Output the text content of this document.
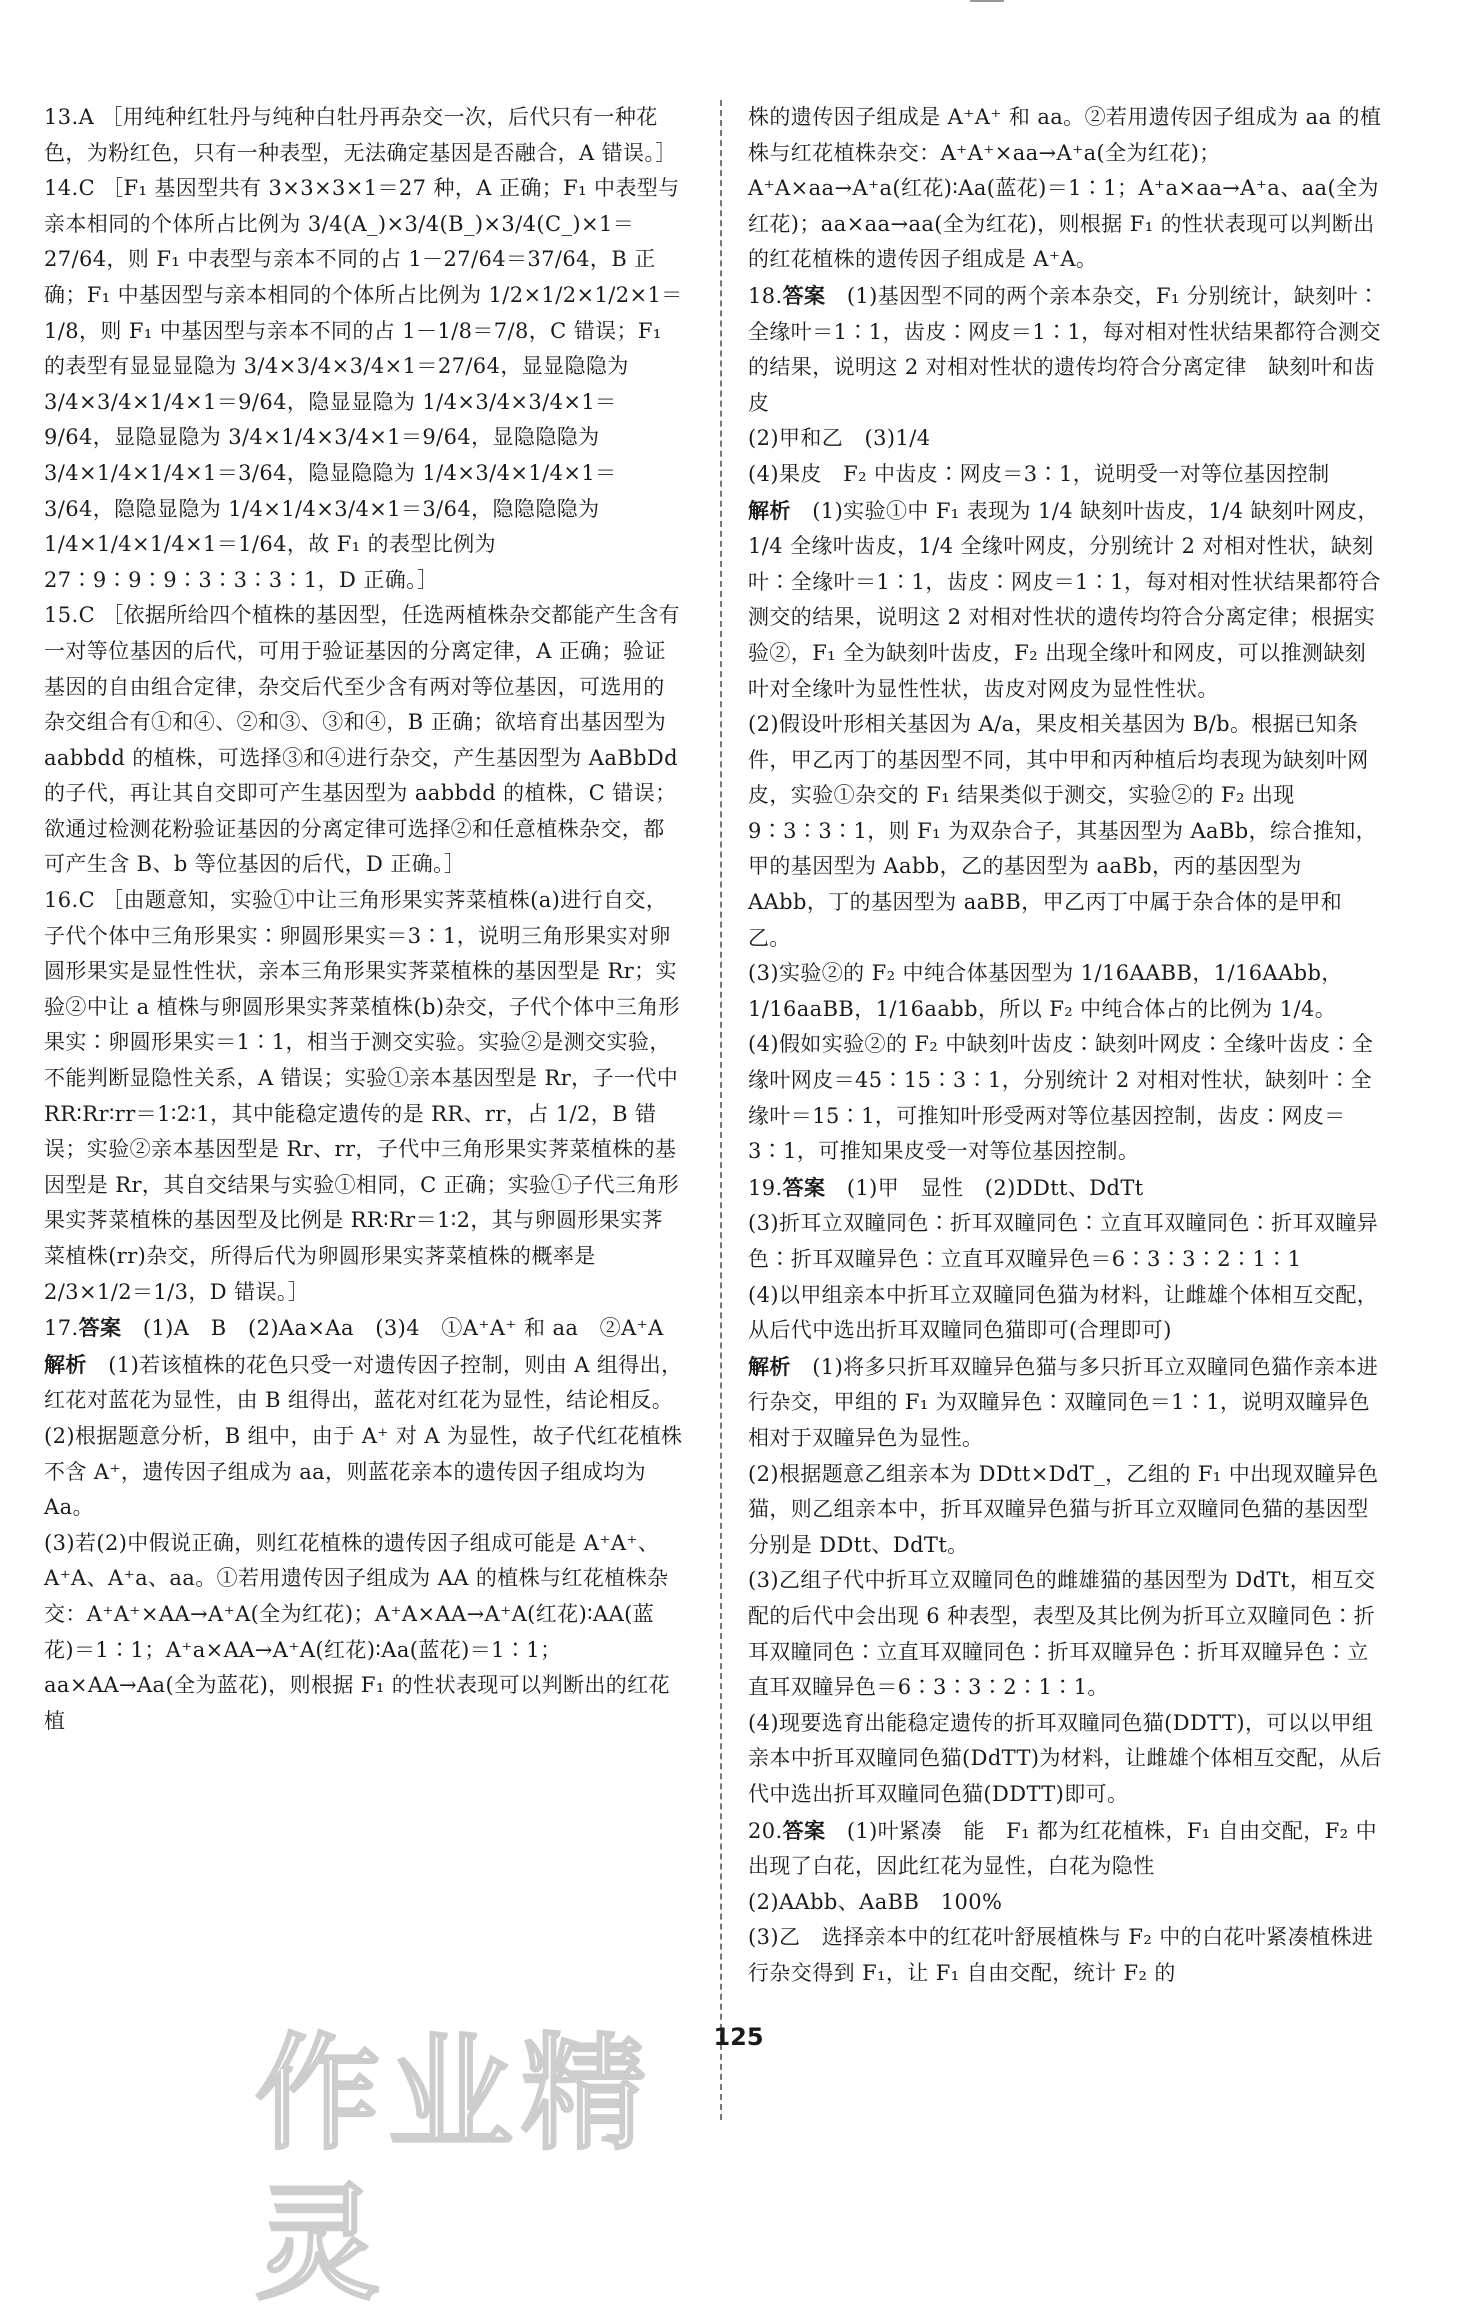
13.A ［用纯种红牡丹与纯种白牡丹再杂交一次，后代只有一种花色，为粉红色，只有一种表型，无法确定基因是否融合，A 错误。］

14.C ［F₁ 基因型共有 3×3×3×1＝27 种，A 正确；F₁ 中表型与亲本相同的个体所占比例为 3/4(A_)×3/4(B_)×3/4(C_)×1＝27/64，则 F₁ 中表型与亲本不同的占 1－27/64＝37/64，B 正确；F₁ 中基因型与亲本相同的个体所占比例为 1/2×1/2×1/2×1＝1/8，则 F₁ 中基因型与亲本不同的占 1－1/8＝7/8，C 错误；F₁ 的表型有显显显隐为 3/4×3/4×3/4×1＝27/64，显显隐隐为 3/4×3/4×1/4×1＝9/64，隐显显隐为 1/4×3/4×3/4×1＝9/64，显隐显隐为 3/4×1/4×3/4×1＝9/64，显隐隐隐为 3/4×1/4×1/4×1＝3/64，隐显隐隐为 1/4×3/4×1/4×1＝3/64，隐隐显隐为 1/4×1/4×3/4×1＝3/64，隐隐隐隐为 1/4×1/4×1/4×1＝1/64，故 F₁ 的表型比例为 27∶9∶9∶9∶3∶3∶3∶1，D 正确。］

15.C ［依据所给四个植株的基因型，任选两植株杂交都能产生含有一对等位基因的后代，可用于验证基因的分离定律，A 正确；验证基因的自由组合定律，杂交后代至少含有两对等位基因，可选用的杂交组合有①和④、②和③、③和④，B 正确；欲培育出基因型为 aabbdd 的植株，可选择③和④进行杂交，产生基因型为 AaBbDd 的子代，再让其自交即可产生基因型为 aabbdd 的植株，C 错误；欲通过检测花粉验证基因的分离定律可选择②和任意植株杂交，都可产生含 B、b 等位基因的后代，D 正确。］

16.C ［由题意知，实验①中让三角形果实荠菜植株(a)进行自交，子代个体中三角形果实∶卵圆形果实＝3∶1，说明三角形果实对卵圆形果实是显性性状，亲本三角形果实荠菜植株的基因型是 Rr；实验②中让 a 植株与卵圆形果实荠菜植株(b)杂交，子代个体中三角形果实∶卵圆形果实＝1∶1，相当于测交实验。实验②是测交实验，不能判断显隐性关系，A 错误；实验①亲本基因型是 Rr，子一代中 RR∶Rr∶rr＝1∶2∶1，其中能稳定遗传的是 RR、rr，占 1/2，B 错误；实验②亲本基因型是 Rr、rr，子代中三角形果实荠菜植株的基因型是 Rr，其自交结果与实验①相同，C 正确；实验①子代三角形果实荠菜植株的基因型及比例是 RR∶Rr＝1∶2，其与卵圆形果实荠菜植株(rr)杂交，所得后代为卵圆形果实荠菜植株的概率是 2/3×1/2＝1/3，D 错误。］

17.答案　 (1)A　B　(2)Aa×Aa　(3)4　①A⁺A⁺ 和 aa　②A⁺A

解析　 (1)若该植株的花色只受一对遗传因子控制，则由 A 组得出，红花对蓝花为显性，由 B 组得出，蓝花对红花为显性，结论相反。

(2)根据题意分析，B 组中，由于 A⁺ 对 A 为显性，故子代红花植株不含 A⁺，遗传因子组成为 aa，则蓝花亲本的遗传因子组成均为 Aa。

(3)若(2)中假说正确，则红花植株的遗传因子组成可能是 A⁺A⁺、A⁺A、A⁺a、aa。①若用遗传因子组成为 AA 的植株与红花植株杂交：A⁺A⁺×AA→A⁺A(全为红花)；A⁺A×AA→A⁺A(红花)∶AA(蓝花)＝1∶1；A⁺a×AA→A⁺A(红花)∶Aa(蓝花)＝1∶1；aa×AA→Aa(全为蓝花)，则根据 F₁ 的性状表现可以判断出的红花植

株的遗传因子组成是 A⁺A⁺ 和 aa。②若用遗传因子组成为 aa 的植株与红花植株杂交：A⁺A⁺×aa→A⁺a(全为红花)；A⁺A×aa→A⁺a(红花)∶Aa(蓝花)＝1∶1；A⁺a×aa→A⁺a、aa(全为红花)；aa×aa→aa(全为红花)，则根据 F₁ 的性状表现可以判断出的红花植株的遗传因子组成是 A⁺A。

18.答案　 (1)基因型不同的两个亲本杂交，F₁ 分别统计，缺刻叶∶全缘叶＝1∶1，齿皮∶网皮＝1∶1，每对相对性状结果都符合测交的结果，说明这 2 对相对性状的遗传均符合分离定律　缺刻叶和齿皮

(2)甲和乙　(3)1/4

(4)果皮　F₂ 中齿皮∶网皮＝3∶1，说明受一对等位基因控制

解析　 (1)实验①中 F₁ 表现为 1/4 缺刻叶齿皮，1/4 缺刻叶网皮，1/4 全缘叶齿皮，1/4 全缘叶网皮，分别统计 2 对相对性状，缺刻叶∶全缘叶＝1∶1，齿皮∶网皮＝1∶1，每对相对性状结果都符合测交的结果，说明这 2 对相对性状的遗传均符合分离定律；根据实验②，F₁ 全为缺刻叶齿皮，F₂ 出现全缘叶和网皮，可以推测缺刻叶对全缘叶为显性性状，齿皮对网皮为显性性状。

(2)假设叶形相关基因为 A/a，果皮相关基因为 B/b。根据已知条件，甲乙丙丁的基因型不同，其中甲和丙种植后均表现为缺刻叶网皮，实验①杂交的 F₁ 结果类似于测交，实验②的 F₂ 出现 9∶3∶3∶1，则 F₁ 为双杂合子，其基因型为 AaBb，综合推知，甲的基因型为 Aabb，乙的基因型为 aaBb，丙的基因型为 AAbb，丁的基因型为 aaBB，甲乙丙丁中属于杂合体的是甲和乙。

(3)实验②的 F₂ 中纯合体基因型为 1/16AABB，1/16AAbb，1/16aaBB，1/16aabb，所以 F₂ 中纯合体占的比例为 1/4。

(4)假如实验②的 F₂ 中缺刻叶齿皮∶缺刻叶网皮∶全缘叶齿皮∶全缘叶网皮＝45∶15∶3∶1，分别统计 2 对相对性状，缺刻叶∶全缘叶＝15∶1，可推知叶形受两对等位基因控制，齿皮∶网皮＝3∶1，可推知果皮受一对等位基因控制。

19.答案　 (1)甲　显性　(2)DDtt、DdTt

(3)折耳立双瞳同色∶折耳双瞳同色∶立直耳双瞳同色∶折耳双瞳异色∶折耳双瞳异色∶立直耳双瞳异色＝6∶3∶3∶2∶1∶1

(4)以甲组亲本中折耳立双瞳同色猫为材料，让雌雄个体相互交配，从后代中选出折耳双瞳同色猫即可(合理即可)

解析　 (1)将多只折耳双瞳异色猫与多只折耳立双瞳同色猫作亲本进行杂交，甲组的 F₁ 为双瞳异色∶双瞳同色＝1∶1，说明双瞳异色相对于双瞳异色为显性。

(2)根据题意乙组亲本为 DDtt×DdT_，乙组的 F₁ 中出现双瞳异色猫，则乙组亲本中，折耳双瞳异色猫与折耳立双瞳同色猫的基因型分别是 DDtt、DdTt。

(3)乙组子代中折耳立双瞳同色的雌雄猫的基因型为 DdTt，相互交配的后代中会出现 6 种表型，表型及其比例为折耳立双瞳同色∶折耳双瞳同色∶立直耳双瞳同色∶折耳双瞳异色∶折耳双瞳异色∶立直耳双瞳异色＝6∶3∶3∶2∶1∶1。

(4)现要选育出能稳定遗传的折耳双瞳同色猫(DDTT)，可以以甲组亲本中折耳双瞳同色猫(DdTT)为材料，让雌雄个体相互交配，从后代中选出折耳双瞳同色猫(DDTT)即可。

20.答案　 (1)叶紧凑　能　F₁ 都为红花植株，F₁ 自由交配，F₂ 中出现了白花，因此红花为显性，白花为隐性

(2)AAbb、AaBB　100%

(3)乙　选择亲本中的红花叶舒展植株与 F₂ 中的白花叶紧凑植株进行杂交得到 F₁，让 F₁ 自由交配，统计 F₂ 的

125
作业精灵
